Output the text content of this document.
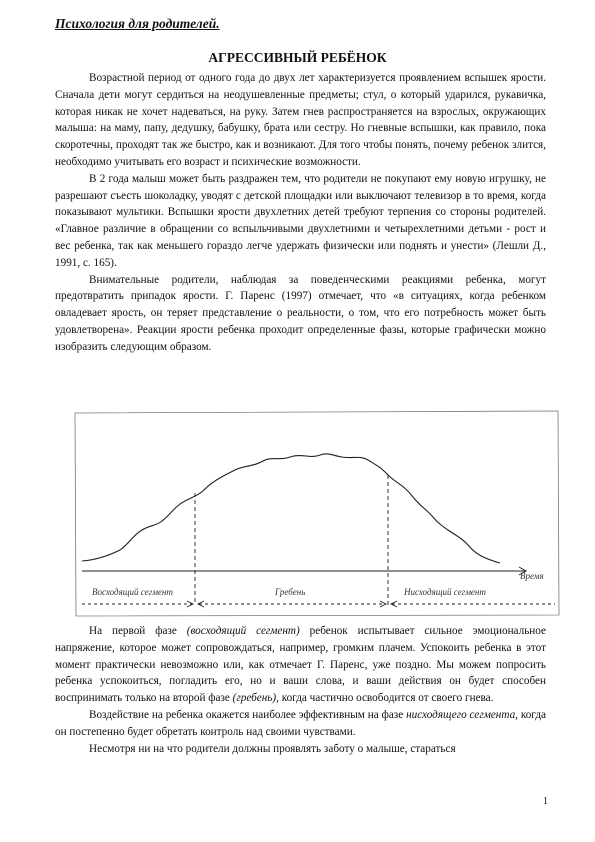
Психология для родителей.
АГРЕССИВНЫЙ РЕБЁНОК

Возрастной период от одного года до двух лет характеризуется проявлением вспышек ярости. Сначала дети могут сердиться на неодушевленные предметы; стул, о который ударился, рукавичка, которая никак не хочет надеваться, на руку. Затем гнев распространяется на взрослых, окружающих малыша: на маму, папу, дедушку, бабушку, брата или сестру. Но гневные вспышки, как правило, пока скоротечны, проходят так же быстро, как и возникают. Для того чтобы понять, почему ребенок злится, необходимо учитывать его возраст и психические возможности.

В 2 года малыш может быть раздражен тем, что родители не покупают ему новую игрушку, не разрешают съесть шоколадку, уводят с детской площадки или выключают телевизор в то время, когда показывают мультики. Вспышки ярости двухлетних детей требуют терпения со стороны родителей. «Главное различие в обращении со вспыльчивыми двухлетними и четырехлетними детьми - рост и вес ребенка, так как меньшего гораздо легче удержать физически или поднять и унести» (Лешли Д., 1991, с. 165).

Внимательные родители, наблюдая за поведенческими реакциями ребенка, могут предотвратить припадок ярости. Г. Паренс (1997) отмечает, что «в ситуациях, когда ребенком овладевает ярость, он теряет представление о реальности, о том, что его потребность может быть удовлетворена». Реакции ярости ребенка проходит определенные фазы, которые графически можно изобразить следующим образом.

Время
Восходящий сегмент	Гребень	Нисходящий сегмент

На первой фазе (восходящий сегмент) ребенок испытывает сильное эмоциональное напряжение, которое может сопровождаться, например, громким плачем. Успокоить ребенка в этот момент практически невозможно или, как отмечает Г. Паренс, уже поздно. Мы можем попросить ребенка успокоиться, погладить его, но и ваши слова, и ваши действия он будет способен воспринимать только на второй фазе (гребень), когда частично освободится от своего гнева.

Воздействие на ребенка окажется наиболее эффективным на фазе нисходящего сегмента, когда он постепенно будет обретать контроль над своими чувствами.

Несмотря ни на что родители должны проявлять заботу о малыше, стараться

1
